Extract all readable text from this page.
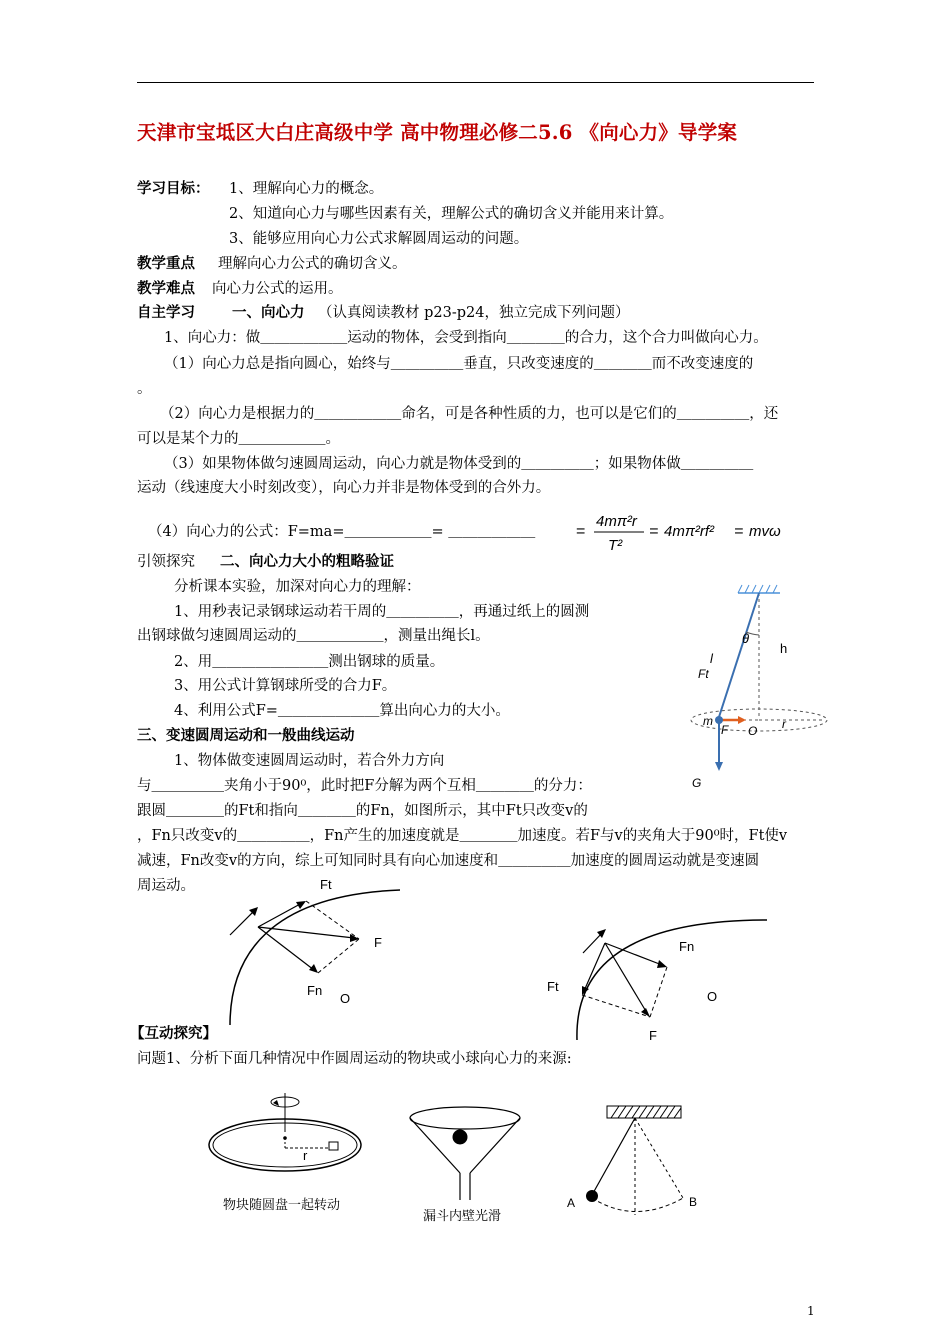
天津市宝坻区大白庄高级中学 高中物理必修二5.6 《向心力》导学案
学习目标： 1、理解向心力的概念。
2、知道向心力与哪些因素有关，理解公式的确切含义并能用来计算。
3、能够应用向心力公式求解圆周运动的问题。
教学重点 理解向心力公式的确切含义。
教学难点 向心力公式的运用。
自主学习	一、向心力 （认真阅读教材 p23-p24，独立完成下列问题）
1、向心力：做＿＿＿＿＿＿运动的物体，会受到指向＿＿＿＿的合力，这个合力叫做向心力。
（1）向心力总是指向圆心，始终与＿＿＿＿＿垂直，只改变速度的＿＿＿＿而不改变速度的
。
（2）向心力是根据力的＿＿＿＿＿＿命名，可是各种性质的力，也可以是它们的＿＿＿＿＿，还
可以是某个力的＿＿＿＿＿＿。
（3）如果物体做匀速圆周运动，向心力就是物体受到的＿＿＿＿＿；如果物体做＿＿＿＿＿
运动（线速度大小时刻改变），向心力并非是物体受到的合外力。
（4）向心力的公式：F=ma=＿＿＿＿＿＿= ＿＿＿＿＿＿	=
4mπ²r
T²
= 4mπ²rf² = mvω
引领探究 二、向心力大小的粗略验证
分析课本实验，加深对向心力的理解：
1、用秒表记录钢球运动若干周的＿＿＿＿＿，再通过纸上的圆测
出钢球做匀速圆周运动的＿＿＿＿＿＿，测量出绳长l。
2、用＿＿＿＿＿＿＿＿测出钢球的质量。
3、用公式计算钢球所受的合力F。
4、利用公式F=＿＿＿＿＿＿＿算出向心力的大小。
l
θ
h
Ft
m
F O r
G
三、变速圆周运动和一般曲线运动
1、物体做变速圆周运动时，若合外力方向
与＿＿＿＿＿夹角小于90⁰，此时把F分解为两个互相＿＿＿＿的分力：
跟圆＿＿＿＿的Ft和指向＿＿＿＿的Fn，如图所示，其中Ft只改变v的
，Fn只改变v的＿＿＿＿＿，Fn产生的加速度就是＿＿＿＿加速度。若F与v的夹角大于90⁰时，Ft使v
减速，Fn改变v的方向，综上可知同时具有向心加速度和＿＿＿＿＿加速度的圆周运动就是变速圆
周运动。	Ft
F
Fn
O
Fn
Ft
F
O
【互动探究】
问题1、分析下面几种情况中作圆周运动的物块或小球向心力的来源:
r
物块随圆盘一起转动
漏斗内壁光滑
A	B
1
